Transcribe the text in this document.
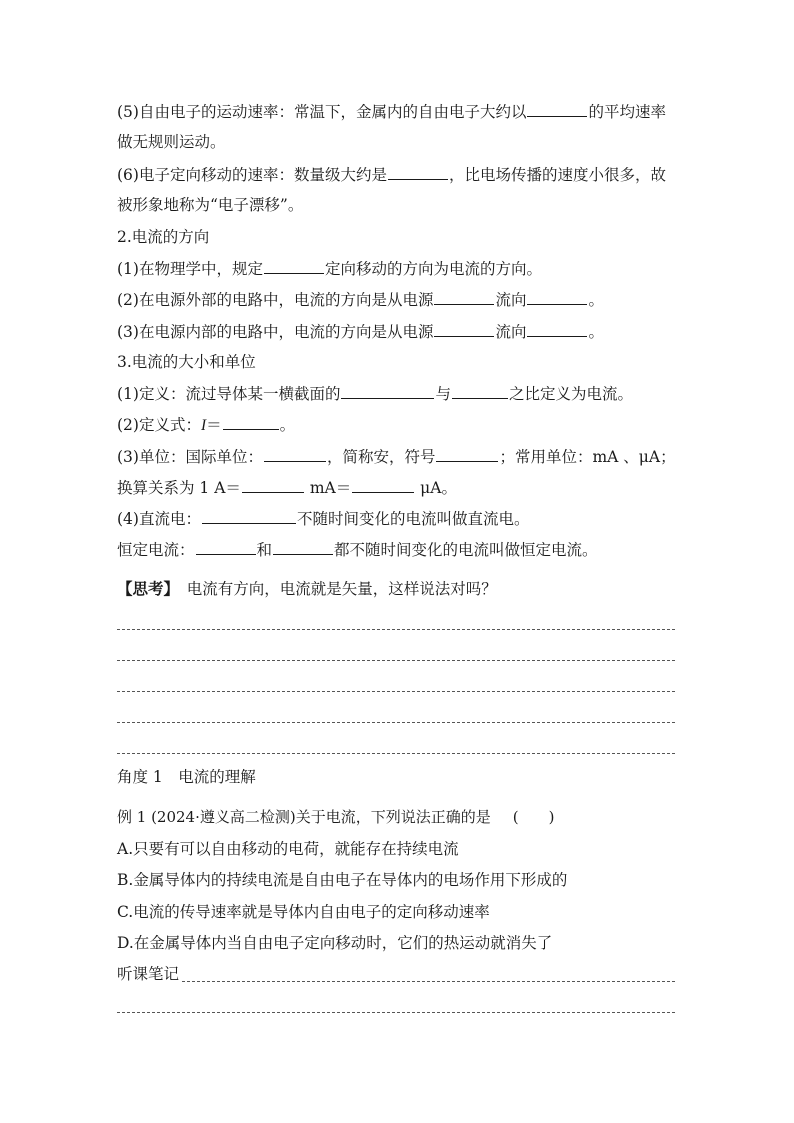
(5)自由电子的运动速率：常温下，金属内的自由电子大约以	的平均速率
做无规则运动。
(6)电子定向移动的速率：数量级大约是	，比电场传播的速度小很多，故
被形象地称为“电子漂移”。
2.电流的方向
(1)在物理学中，规定	定向移动的方向为电流的方向。
(2)在电源外部的电路中，电流的方向是从电源	流向	。
(3)在电源内部的电路中，电流的方向是从电源	流向	。
3.电流的大小和单位
(1)定义：流过导体某一横截面的	与	之比定义为电流。
(2)定义式：I＝	。
(3)单位：国际单位：	，简称安，符号	；常用单位：mA 、μA；
换算关系为 1 A＝	mA＝	μA。
(4)直流电：	不随时间变化的电流叫做直流电。
恒定电流：	和	都不随时间变化的电流叫做恒定电流。
【思考】  电流有方向，电流就是矢量，这样说法对吗？
角度 1　电流的理解
例 1 (2024·遵义高二检测)关于电流，下列说法正确的是 (　　)
A.只要有可以自由移动的电荷，就能存在持续电流
B.金属导体内的持续电流是自由电子在导体内的电场作用下形成的
C.电流的传导速率就是导体内自由电子的定向移动速率
D.在金属导体内当自由电子定向移动时，它们的热运动就消失了
听课笔记
